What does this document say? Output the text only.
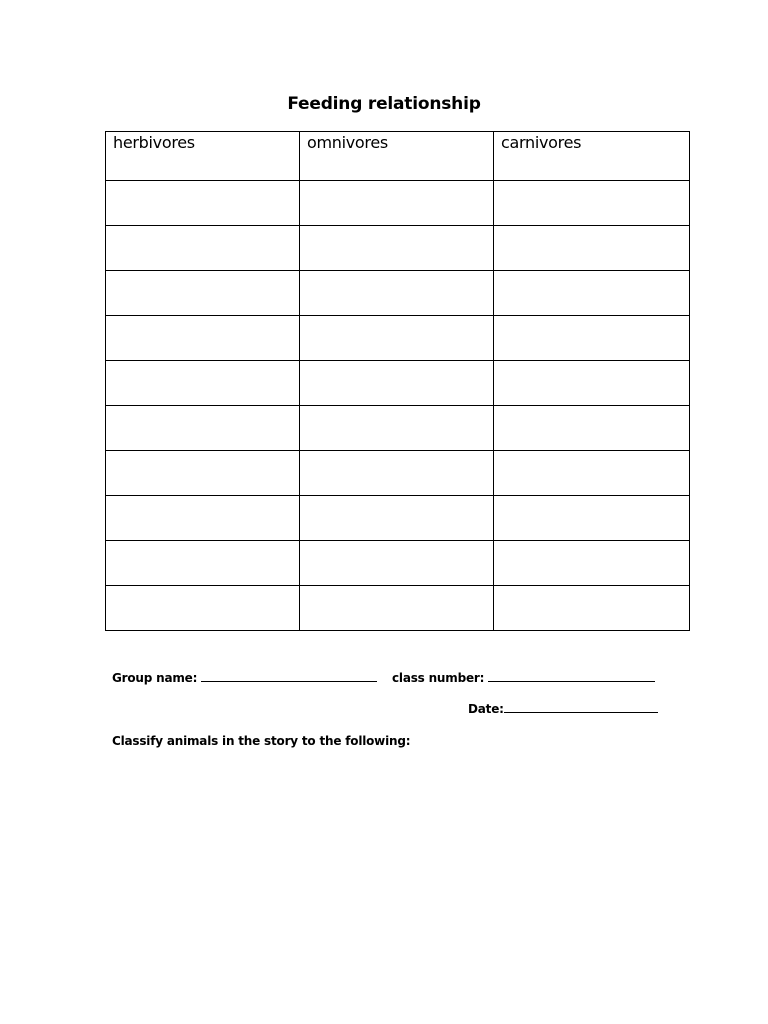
Feeding relationship
herbivores	omnivores	carnivores

Group name:	class number:
Date:
Classify animals in the story to the following:
